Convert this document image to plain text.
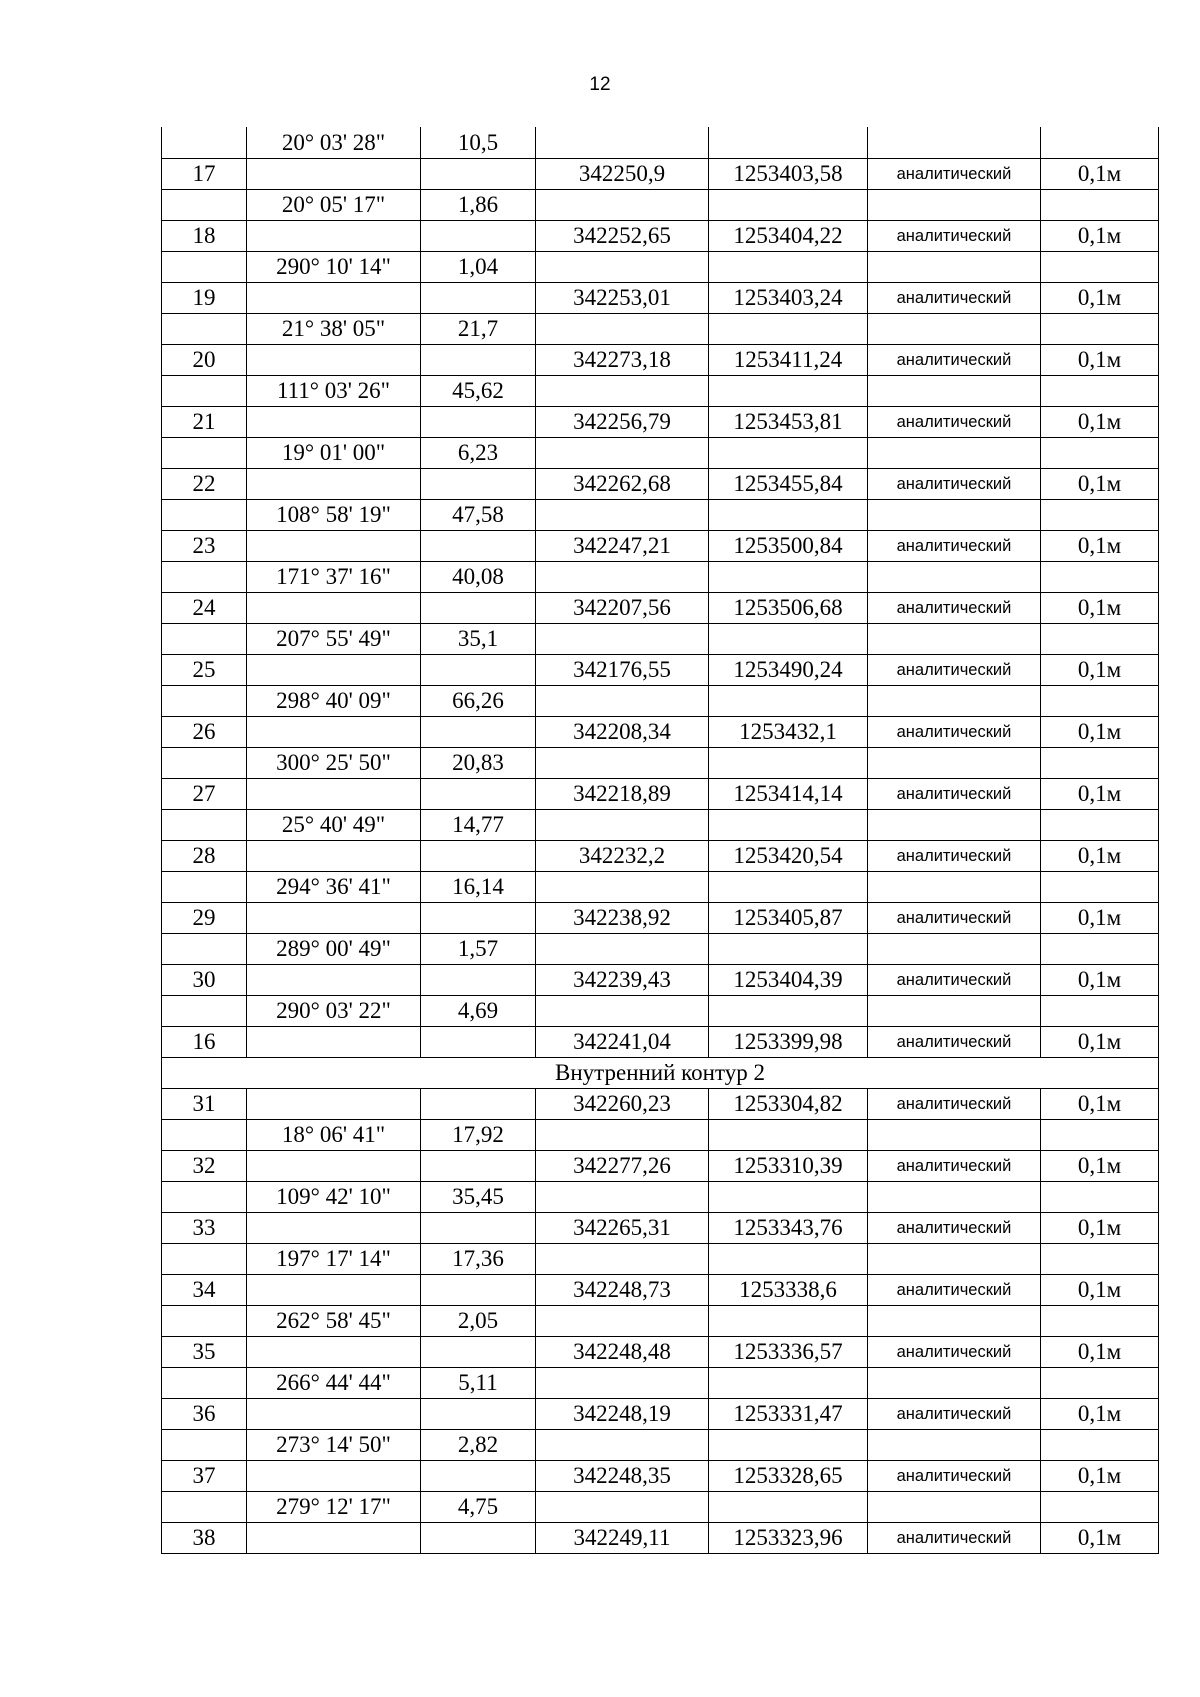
12
	20° 03' 28"	10,5				
17			342250,9	1253403,58	аналитический	0,1м
	20° 05' 17"	1,86				
18			342252,65	1253404,22	аналитический	0,1м
	290° 10' 14"	1,04				
19			342253,01	1253403,24	аналитический	0,1м
	21° 38' 05"	21,7				
20			342273,18	1253411,24	аналитический	0,1м
	111° 03' 26"	45,62				
21			342256,79	1253453,81	аналитический	0,1м
	19° 01' 00"	6,23				
22			342262,68	1253455,84	аналитический	0,1м
	108° 58' 19"	47,58				
23			342247,21	1253500,84	аналитический	0,1м
	171° 37' 16"	40,08				
24			342207,56	1253506,68	аналитический	0,1м
	207° 55' 49"	35,1				
25			342176,55	1253490,24	аналитический	0,1м
	298° 40' 09"	66,26				
26			342208,34	1253432,1	аналитический	0,1м
	300° 25' 50"	20,83				
27			342218,89	1253414,14	аналитический	0,1м
	25° 40' 49"	14,77				
28			342232,2	1253420,54	аналитический	0,1м
	294° 36' 41"	16,14				
29			342238,92	1253405,87	аналитический	0,1м
	289° 00' 49"	1,57				
30			342239,43	1253404,39	аналитический	0,1м
	290° 03' 22"	4,69				
16			342241,04	1253399,98	аналитический	0,1м
Внутренний контур 2						
31			342260,23	1253304,82	аналитический	0,1м
	18° 06' 41"	17,92				
32			342277,26	1253310,39	аналитический	0,1м
	109° 42' 10"	35,45				
33			342265,31	1253343,76	аналитический	0,1м
	197° 17' 14"	17,36				
34			342248,73	1253338,6	аналитический	0,1м
	262° 58' 45"	2,05				
35			342248,48	1253336,57	аналитический	0,1м
	266° 44' 44"	5,11				
36			342248,19	1253331,47	аналитический	0,1м
	273° 14' 50"	2,82				
37			342248,35	1253328,65	аналитический	0,1м
	279° 12' 17"	4,75				
38			342249,11	1253323,96	аналитический	0,1м
